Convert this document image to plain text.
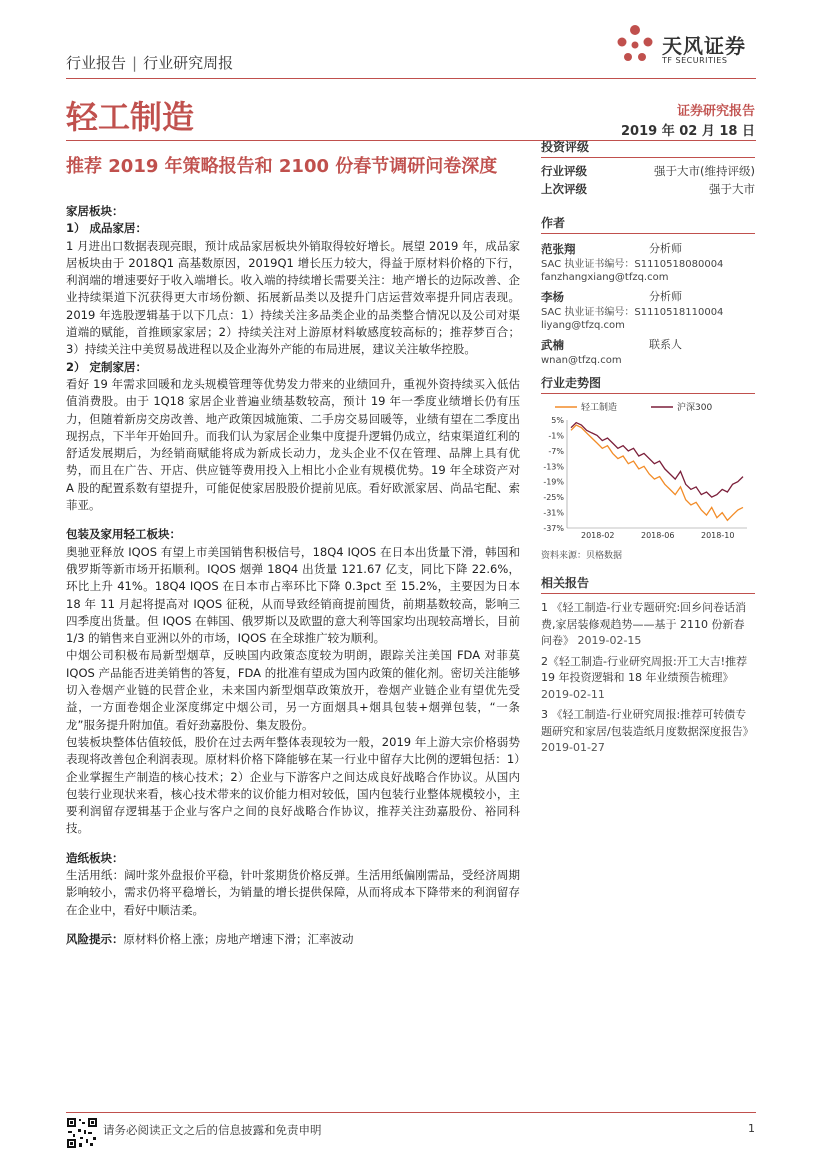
行业报告 | 行业研究周报
天风证券
TF SECURITIES
轻工制造	证券研究报告
2019 年 02 月 18 日
推荐 2019 年策略报告和 2100 份春节调研问卷深度

家居板块：

1） 成品家居：

1 月进出口数据表现亮眼，预计成品家居板块外销取得较好增长。展望 2019 年，成品家居板块由于 2018Q1 高基数原因，2019Q1 增长压力较大，得益于原材料价格的下行，利润端的增速要好于收入端增长。收入端的持续增长需要关注：地产增长的边际改善、企业持续渠道下沉获得更大市场份额、拓展新品类以及提升门店运营效率提升同店表现。2019 年选股逻辑基于以下几点：1）持续关注多品类企业的品类整合情况以及公司对渠道端的赋能，首推顾家家居；2）持续关注对上游原材料敏感度较高标的；推荐梦百合；3）持续关注中美贸易战进程以及企业海外产能的布局进展，建议关注敏华控股。

2） 定制家居：

看好 19 年需求回暖和龙头规模管理等优势发力带来的业绩回升，重视外资持续买入低估值消费股。由于 1Q18 家居企业普遍业绩基数较高，预计 19 年一季度业绩增长仍有压力，但随着新房交房改善、地产政策因城施策、二手房交易回暖等，业绩有望在二季度出现拐点，下半年开始回升。而我们认为家居企业集中度提升逻辑仍成立，结束渠道红利的舒适发展期后，为经销商赋能将成为新成长动力，龙头企业不仅在管理、品牌上具有优势，而且在广告、开店、供应链等费用投入上相比小企业有规模优势。19 年全球资产对 A 股的配置系数有望提升，可能促使家居股股价提前见底。看好欧派家居、尚品宅配、索菲亚。

包装及家用轻工板块：

奥驰亚释放 IQOS 有望上市美国销售积极信号，18Q4 IQOS 在日本出货量下滑，韩国和俄罗斯等新市场开拓顺利。IQOS 烟弹 18Q4 出货量 121.67 亿支，同比下降 22.6%，环比上升 41%。18Q4 IQOS 在日本市占率环比下降 0.3pct 至 15.2%，主要因为日本 18 年 11 月起将提高对 IQOS 征税，从而导致经销商提前囤货，前期基数较高，影响三四季度出货量。但 IQOS 在韩国、俄罗斯以及欧盟的意大利等国家均出现较高增长，目前 1/3 的销售来自亚洲以外的市场，IQOS 在全球推广较为顺利。

中烟公司积极布局新型烟草，反映国内政策态度较为明朗，跟踪关注美国 FDA 对菲莫 IQOS 产品能否进美销售的答复，FDA 的批准有望成为国内政策的催化剂。密切关注能够切入卷烟产业链的民营企业，未来国内新型烟草政策放开，卷烟产业链企业有望优先受益，一方面卷烟企业深度绑定中烟公司，另一方面烟具+烟具包装+烟弹包装，“一条龙”服务提升附加值。看好劲嘉股份、集友股份。

包装板块整体估值较低，股价在过去两年整体表现较为一般，2019 年上游大宗价格弱势表现将改善包企利润表现。原材料价格下降能够在某一行业中留存大比例的逻辑包括：1）企业掌握生产制造的核心技术；2）企业与下游客户之间达成良好战略合作协议。从国内包装行业现状来看，核心技术带来的议价能力相对较低，国内包装行业整体规模较小，主要利润留存逻辑基于企业与客户之间的良好战略合作协议，推荐关注劲嘉股份、裕同科技。

造纸板块：

生活用纸：阔叶浆外盘报价平稳，针叶浆期货价格反弹。生活用纸偏刚需品，受经济周期影响较小，需求仍将平稳增长，为销量的增长提供保障，从而将成本下降带来的利润留存在企业中，看好中顺洁柔。

风险提示：原材料价格上涨；房地产增速下滑；汇率波动

投资评级
行业评级	强于大市(维持评级)
上次评级	强于大市
作者
范张翔	分析师
SAC 执业证书编号：S1110518080004
fanzhangxiang@tfzq.com
李杨	分析师
SAC 执业证书编号：S1110518110004
liyang@tfzq.com
武楠	联系人
wnan@tfzq.com
行业走势图
轻工制造	沪深300
5%
-1%
-7%
-13%
-19%
-25%
-31%
-37%
2018-02	2018-06	2018-10
资料来源：贝格数据
相关报告
1 《轻工制造-行业专题研究:回乡问卷话消费,家居装修观趋势——基于 2110 份新春问卷》 2019-02-15
2《轻工制造-行业研究周报:开工大吉!推荐 19 年投资逻辑和 18 年业绩预告梳理》 2019-02-11
3 《轻工制造-行业研究周报:推荐可转债专题研究和家居/包装造纸月度数据深度报告》 2019-01-27
请务必阅读正文之后的信息披露和免责申明	1
